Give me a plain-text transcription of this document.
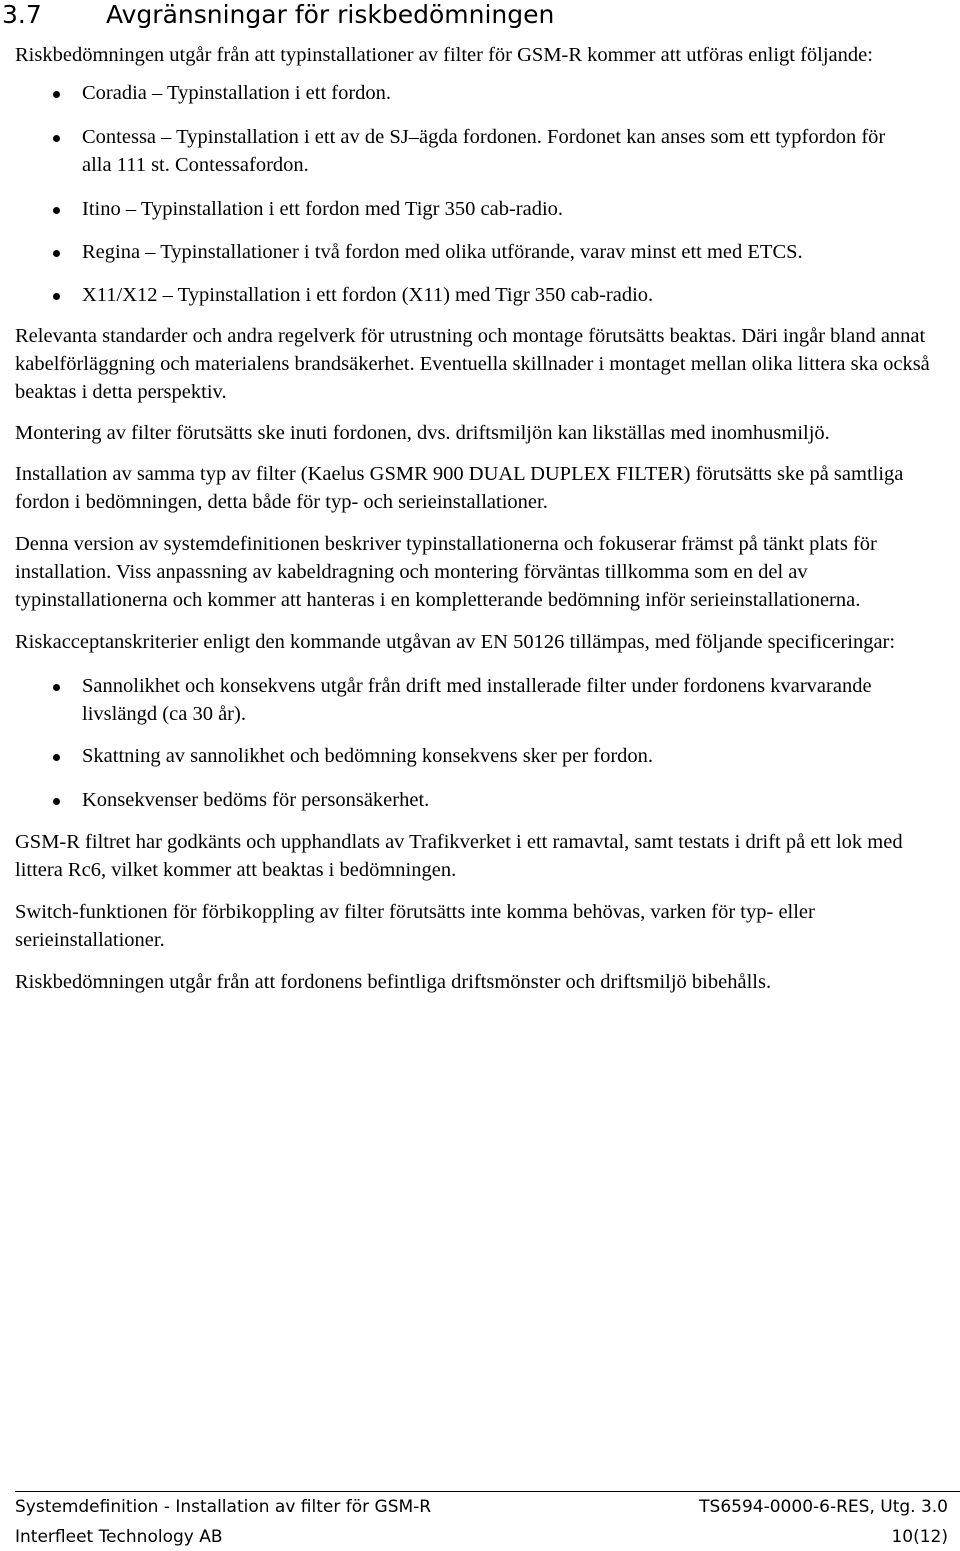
3.7	Avgränsningar för riskbedömningen

Riskbedömningen utgår från att typinstallationer av filter för GSM-R kommer att utföras enligt följande:

Coradia – Typinstallation i ett fordon.
Contessa – Typinstallation i ett av de SJ–ägda fordonen. Fordonet kan anses som ett typfordon för alla 111 st. Contessafordon.
Itino – Typinstallation i ett fordon med Tigr 350 cab-radio.
Regina – Typinstallationer i två fordon med olika utförande, varav minst ett med ETCS.
X11/X12 – Typinstallation i ett fordon (X11) med Tigr 350 cab-radio.

Relevanta standarder och andra regelverk för utrustning och montage förutsätts beaktas. Däri ingår bland annat kabelförläggning och materialens brandsäkerhet. Eventuella skillnader i montaget mellan olika littera ska också beaktas i detta perspektiv.

Montering av filter förutsätts ske inuti fordonen, dvs. driftsmiljön kan likställas med inomhusmiljö.

Installation av samma typ av filter (Kaelus GSMR 900 DUAL DUPLEX FILTER) förutsätts ske på samtliga fordon i bedömningen, detta både för typ- och serieinstallationer.

Denna version av systemdefinitionen beskriver typinstallationerna och fokuserar främst på tänkt plats för installation. Viss anpassning av kabeldragning och montering förväntas tillkomma som en del av typinstallationerna och kommer att hanteras i en kompletterande bedömning inför serieinstallationerna.

Riskacceptanskriterier enligt den kommande utgåvan av EN 50126 tillämpas, med följande specificeringar:

Sannolikhet och konsekvens utgår från drift med installerade filter under fordonens kvarvarande livslängd (ca 30 år).
Skattning av sannolikhet och bedömning konsekvens sker per fordon.
Konsekvenser bedöms för personsäkerhet.

GSM-R filtret har godkänts och upphandlats av Trafikverket i ett ramavtal, samt testats i drift på ett lok med littera Rc6, vilket kommer att beaktas i bedömningen.

Switch-funktionen för förbikoppling av filter förutsätts inte komma behövas, varken för typ- eller serieinstallationer.

Riskbedömningen utgår från att fordonens befintliga driftsmönster och driftsmiljö bibehålls.

Systemdefinition - Installation av filter för GSM-R	TS6594-0000-6-RES, Utg. 3.0
Interfleet Technology AB	10(12)
